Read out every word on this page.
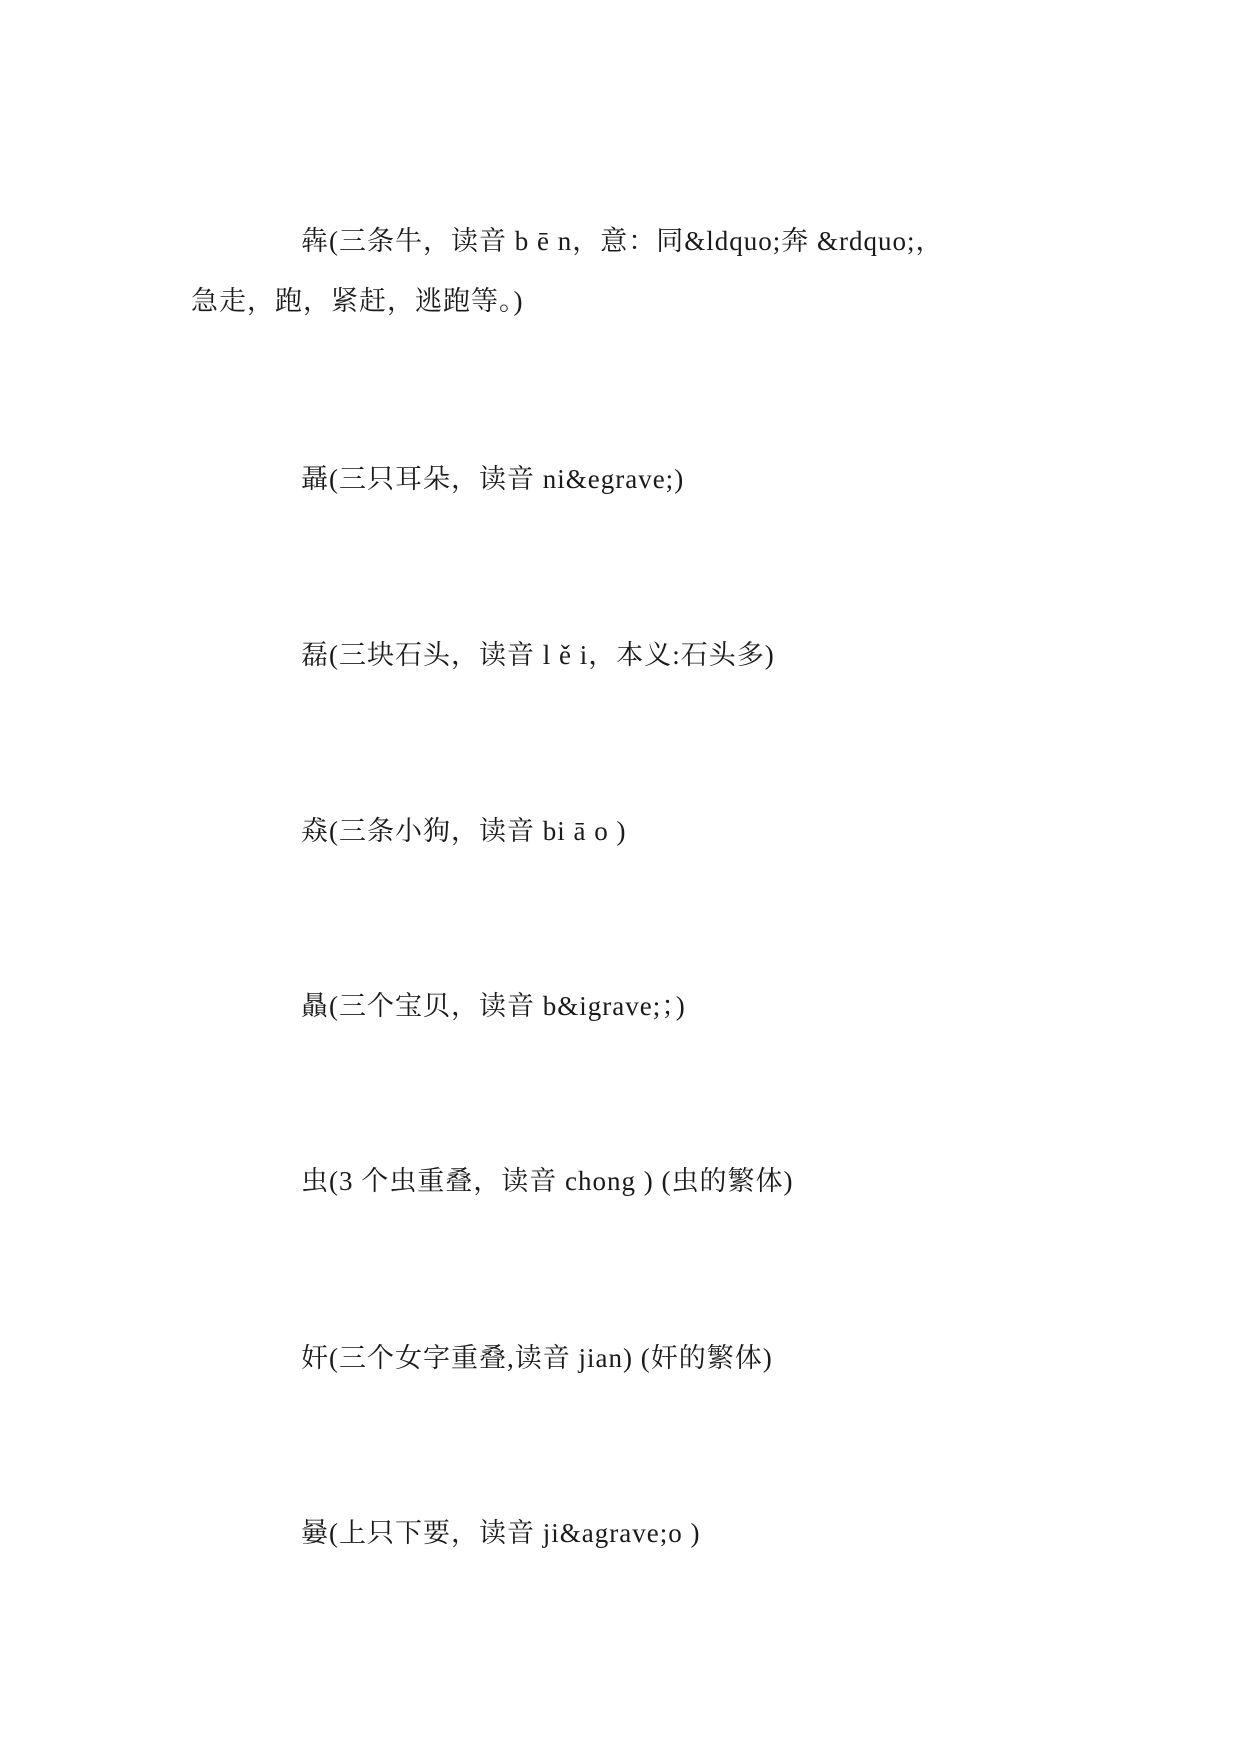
犇(三条牛，读音 b ē n，意：同&ldquo;奔 &rdquo;，
急走，跑，紧赶，逃跑等。)
聶(三只耳朵，读音 ni&egrave;)
磊(三块石头，读音 l ě i，本义:石头多)
猋(三条小狗，读音 bi ā o )
贔(三个宝贝，读音 b&igrave;；)
虫(3 个虫重叠，读音 chong ) (虫的繁体)
奸(三个女字重叠,读音 jian) (奸的繁体)
嘦(上只下要，读音 ji&agrave;o )
